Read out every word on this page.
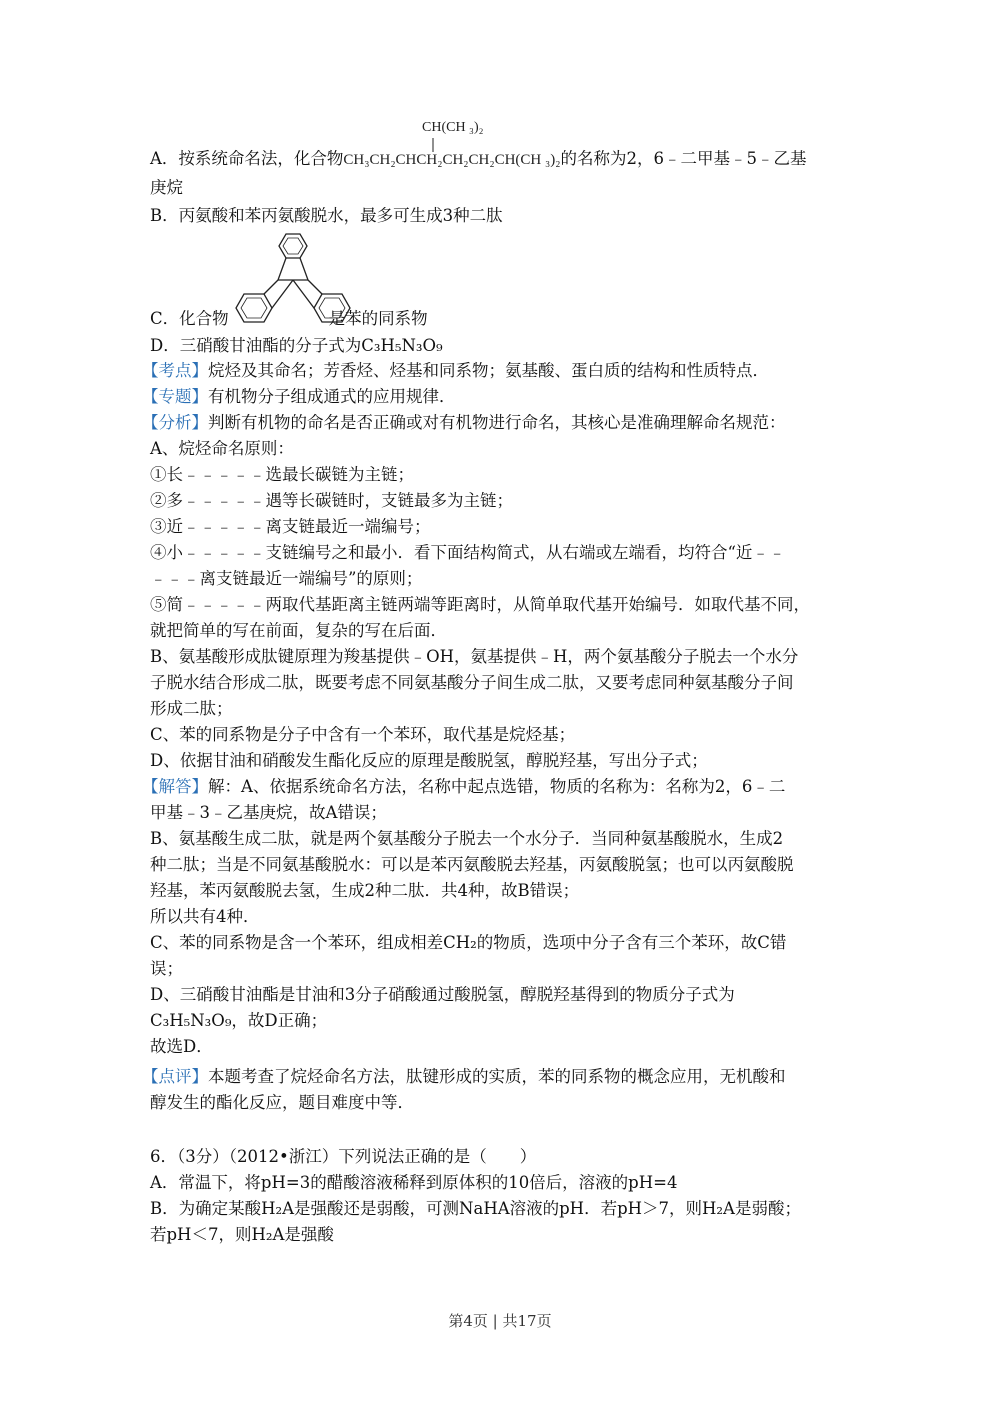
CH(CH ₃)₂
A．按系统命名法，化合物CH₃CH₂CHCH₂CH₂CH₂CH(CH ₃)₂的名称为2，6﹣二甲基﹣5﹣乙基
庚烷
B．丙氨酸和苯丙氨酸脱水，最多可生成3种二肽
C．化合物	是苯的同系物
D．三硝酸甘油酯的分子式为C₃H₅N₃O₉
【考点】烷烃及其命名；芳香烃、烃基和同系物；氨基酸、蛋白质的结构和性质特点．
【专题】有机物分子组成通式的应用规律．
【分析】判断有机物的命名是否正确或对有机物进行命名，其核心是准确理解命名规范：
A、烷烃命名原则：
①长﹣﹣﹣﹣﹣选最长碳链为主链；
②多﹣﹣﹣﹣﹣遇等长碳链时，支链最多为主链；
③近﹣﹣﹣﹣﹣离支链最近一端编号；
④小﹣﹣﹣﹣﹣支链编号之和最小．看下面结构简式，从右端或左端看，均符合“近﹣﹣
﹣﹣﹣离支链最近一端编号”的原则；
⑤简﹣﹣﹣﹣﹣两取代基距离主链两端等距离时，从简单取代基开始编号．如取代基不同，
就把简单的写在前面，复杂的写在后面．
B、氨基酸形成肽键原理为羧基提供﹣OH，氨基提供﹣H，两个氨基酸分子脱去一个水分
子脱水结合形成二肽，既要考虑不同氨基酸分子间生成二肽，又要考虑同种氨基酸分子间
形成二肽；
C、苯的同系物是分子中含有一个苯环，取代基是烷烃基；
D、依据甘油和硝酸发生酯化反应的原理是酸脱氢，醇脱羟基，写出分子式；
【解答】解：A、依据系统命名方法，名称中起点选错，物质的名称为：名称为2，6﹣二
甲基﹣3﹣乙基庚烷，故A错误；
B、氨基酸生成二肽，就是两个氨基酸分子脱去一个水分子．当同种氨基酸脱水，生成2
种二肽；当是不同氨基酸脱水：可以是苯丙氨酸脱去羟基，丙氨酸脱氢；也可以丙氨酸脱
羟基，苯丙氨酸脱去氢，生成2种二肽．共4种，故B错误；
所以共有4种．
C、苯的同系物是含一个苯环，组成相差CH₂的物质，选项中分子含有三个苯环，故C错
误；
D、三硝酸甘油酯是甘油和3分子硝酸通过酸脱氢，醇脱羟基得到的物质分子式为
C₃H₅N₃O₉，故D正确；
故选D．
【点评】本题考查了烷烃命名方法，肽键形成的实质，苯的同系物的概念应用，无机酸和
醇发生的酯化反应，题目难度中等．
6．（3分）（2012•浙江）下列说法正确的是（　　）
A．常温下，将pH=3的醋酸溶液稀释到原体积的10倍后，溶液的pH=4
B．为确定某酸H₂A是强酸还是弱酸，可测NaHA溶液的pH．若pH＞7，则H₂A是弱酸；
若pH＜7，则H₂A是强酸
第4页 | 共17页
